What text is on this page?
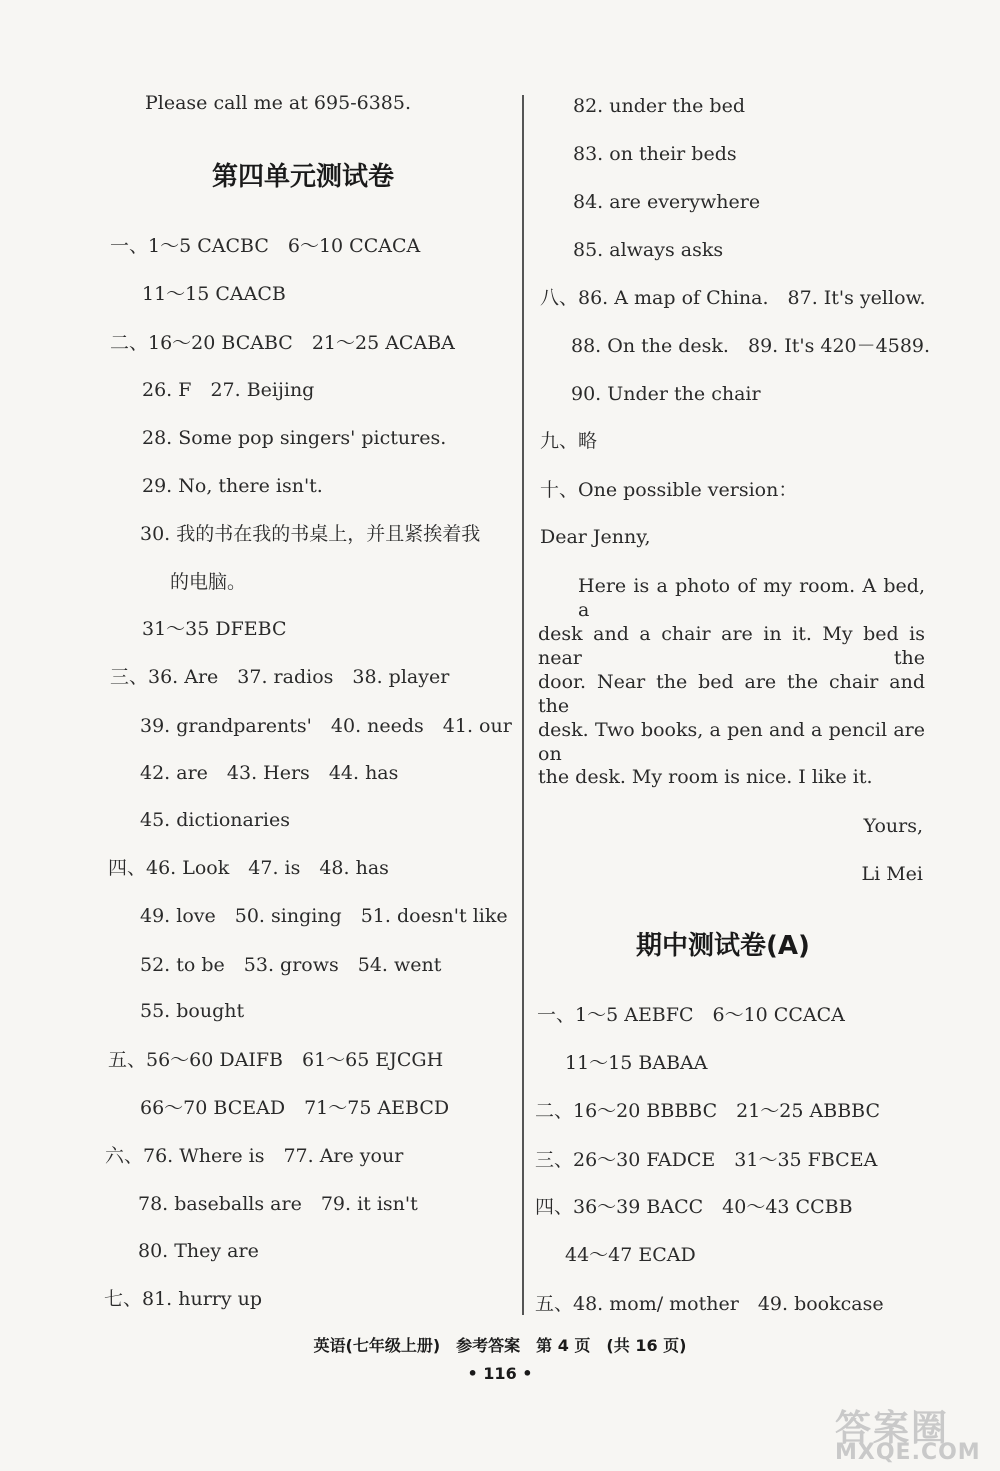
Please call me at 695-6385.
第四单元测试卷
一、1～5 CACBC　6～10 CCACA
11～15 CAACB
二、16～20 BCABC　21～25 ACABA
26. F　27. Beijing
28. Some pop singers' pictures.
29. No, there isn't.
30. 我的书在我的书桌上，并且紧挨着我
的电脑。
31～35 DFEBC
三、36. Are　37. radios　38. player
39. grandparents'　40. needs　41. our
42. are　43. Hers　44. has
45. dictionaries
四、46. Look　47. is　48. has
49. love　50. singing　51. doesn't like
52. to be　53. grows　54. went
55. bought
五、56～60 DAIFB　61～65 EJCGH
66～70 BCEAD　71～75 AEBCD
六、76. Where is　77. Are your
78. baseballs are　79. it isn't
80. They are
七、81. hurry up
82. under the bed
83. on their beds
84. are everywhere
85. always asks
八、86. A map of China.　87. It's yellow.
88. On the desk.　89. It's 420－4589.
90. Under the chair
九、略
十、One possible version：
Dear Jenny,
Here is a photo of my room. A bed, a
desk and a chair are in it. My bed is near the
door. Near the bed are the chair and the
desk. Two books, a pen and a pencil are on
the desk. My room is nice. I like it.
Yours,
Li Mei
期中测试卷(A)
一、1～5 AEBFC　6～10 CCACA
11～15 BABAA
二、16～20 BBBBC　21～25 ABBBC
三、26～30 FADCE　31～35 FBCEA
四、36～39 BACC　40～43 CCBB
44～47 ECAD
五、48. mom/ mother　49. bookcase
英语(七年级上册)　参考答案　第 4 页　(共 16 页)
• 116 •
答案圈
MXQE.COM
